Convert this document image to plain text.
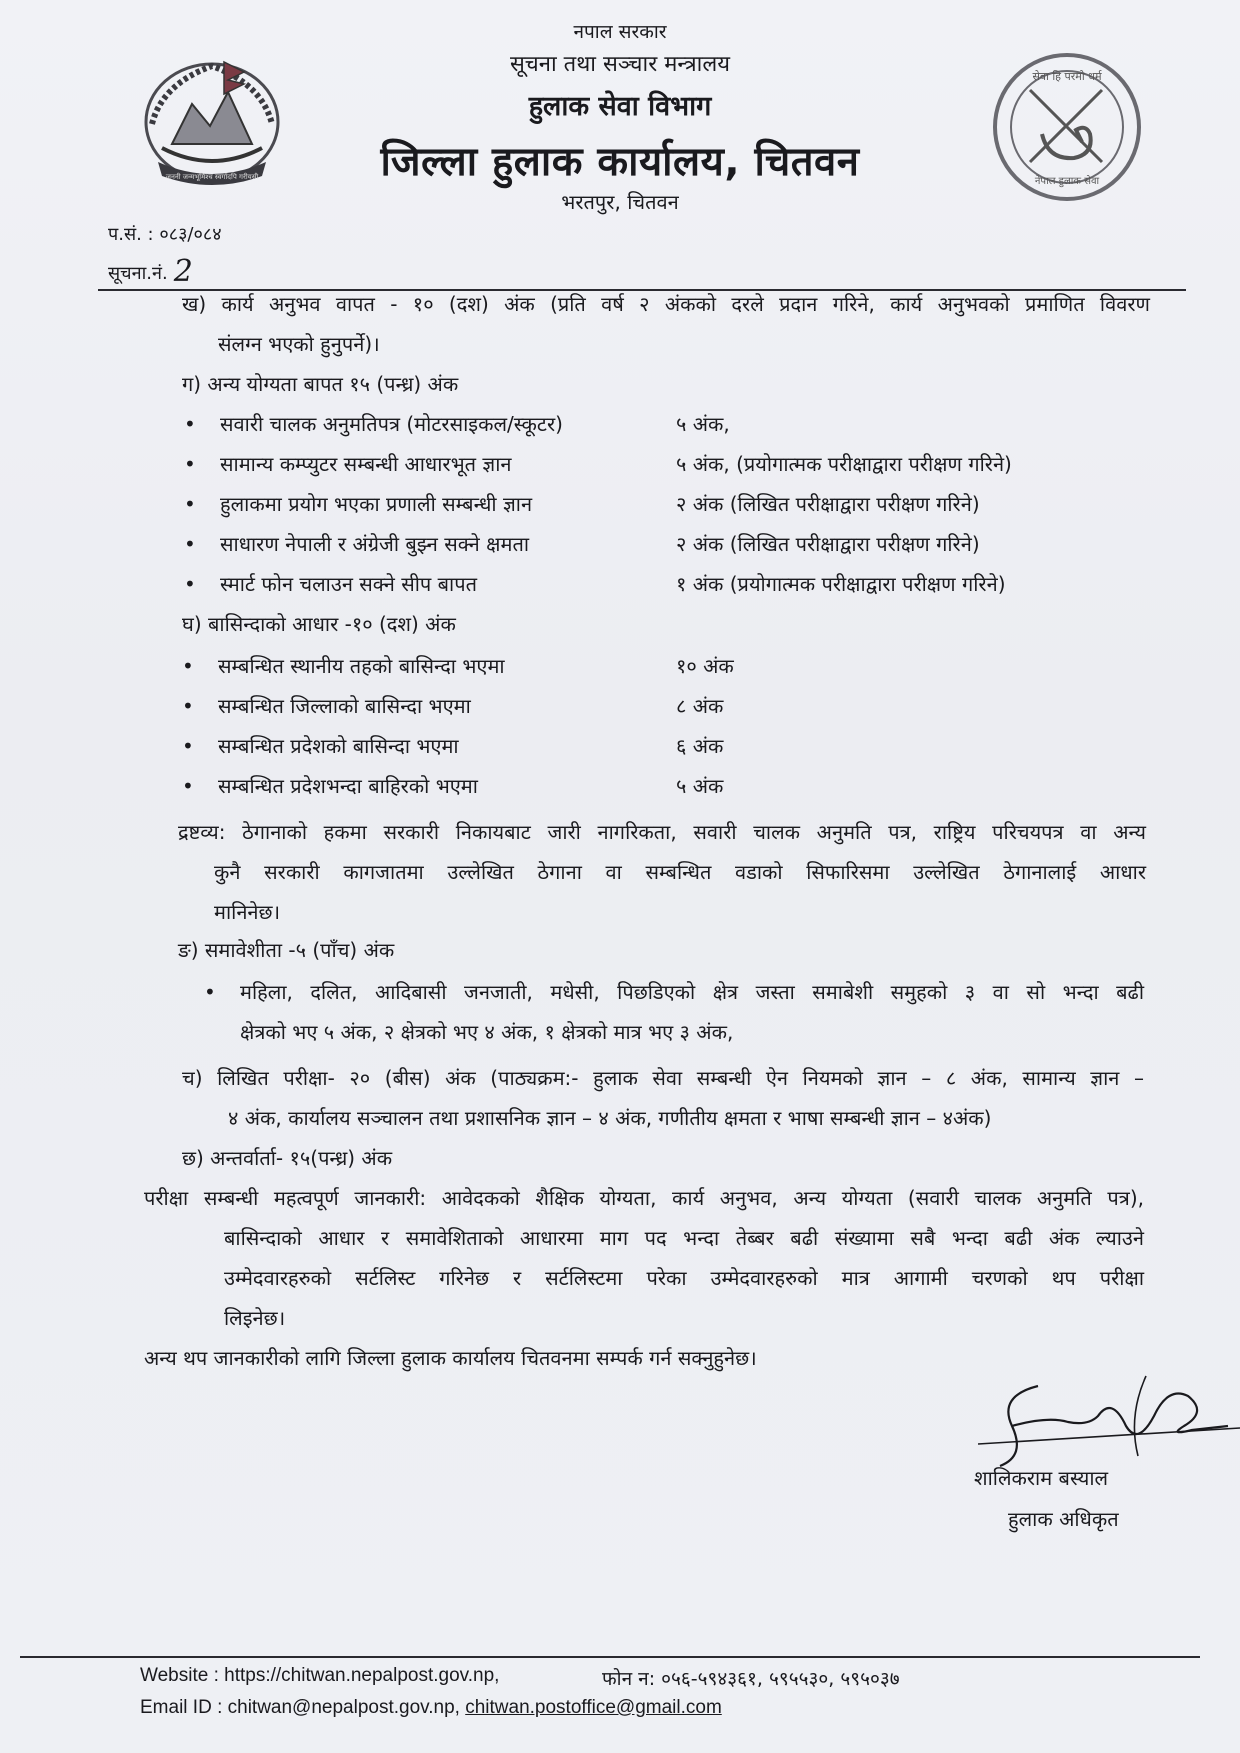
जननी जन्मभूमिश्च स्वर्गादपि गरीयसी
सेवा हि परमो धर्म
नेपाल हुलाक सेवा
नपाल सरकार
सूचना तथा सञ्चार मन्त्रालय
हुलाक सेवा विभाग
जिल्ला हुलाक कार्यालय, चितवन
भरतपुर, चितवन
प.सं. : ०८३/०८४
सूचना.नं. 2
ख) कार्य अनुभव वापत - १० (दश) अंक (प्रति वर्ष २ अंकको दरले प्रदान गरिने, कार्य अनुभवको प्रमाणित विवरण
संलग्न भएको हुनुपर्ने)।
ग) अन्य योग्यता बापत १५ (पन्ध्र) अंक
• सवारी चालक अनुमतिपत्र (मोटरसाइकल/स्कूटर)	५ अंक,
• सामान्य कम्प्युटर सम्बन्धी आधारभूत ज्ञान	५ अंक, (प्रयोगात्मक परीक्षाद्वारा परीक्षण गरिने)
• हुलाकमा प्रयोग भएका प्रणाली सम्बन्धी ज्ञान	२ अंक (लिखित परीक्षाद्वारा परीक्षण गरिने)
• साधारण नेपाली र अंग्रेजी बुझ्न सक्ने क्षमता	२ अंक (लिखित परीक्षाद्वारा परीक्षण गरिने)
• स्मार्ट फोन चलाउन सक्ने सीप बापत	१ अंक (प्रयोगात्मक परीक्षाद्वारा परीक्षण गरिने)
घ) बासिन्दाको आधार -१० (दश) अंक
• सम्बन्धित स्थानीय तहको बासिन्दा भएमा	१० अंक
• सम्बन्धित जिल्लाको बासिन्दा भएमा	८ अंक
• सम्बन्धित प्रदेशको बासिन्दा भएमा	६ अंक
• सम्बन्धित प्रदेशभन्दा बाहिरको भएमा	५ अंक
द्रष्टव्य: ठेगानाको हकमा सरकारी निकायबाट जारी नागरिकता, सवारी चालक अनुमति पत्र, राष्ट्रिय परिचयपत्र वा अन्य
कुनै सरकारी कागजातमा उल्लेखित ठेगाना वा सम्बन्धित वडाको सिफारिसमा उल्लेखित ठेगानालाई आधार
मानिनेछ।
ङ) समावेशीता -५ (पाँच) अंक
• महिला, दलित, आदिबासी जनजाती, मधेसी, पिछडिएको क्षेत्र जस्ता समाबेशी समुहको ३ वा सो भन्दा बढी
क्षेत्रको भए ५ अंक, २ क्षेत्रको भए ४ अंक, १ क्षेत्रको मात्र भए ३ अंक,
च) लिखित परीक्षा- २० (बीस) अंक (पाठ्यक्रम:- हुलाक सेवा सम्बन्धी ऐन नियमको ज्ञान – ८ अंक, सामान्य ज्ञान –
४ अंक, कार्यालय सञ्चालन तथा प्रशासनिक ज्ञान – ४ अंक, गणीतीय क्षमता र भाषा सम्बन्धी ज्ञान – ४अंक)
छ) अन्तर्वार्ता- १५(पन्ध्र) अंक
परीक्षा सम्बन्धी महत्वपूर्ण जानकारी: आवेदकको शैक्षिक योग्यता, कार्य अनुभव, अन्य योग्यता (सवारी चालक अनुमति पत्र),
बासिन्दाको आधार र समावेशिताको आधारमा माग पद भन्दा तेब्बर बढी संख्यामा सबै भन्दा बढी अंक ल्याउने
उम्मेदवारहरुको सर्टलिस्ट गरिनेछ र सर्टलिस्टमा परेका उम्मेदवारहरुको मात्र आगामी चरणको थप परीक्षा
लिइनेछ।
अन्य थप जानकारीको लागि जिल्ला हुलाक कार्यालय चितवनमा सम्पर्क गर्न सक्नुहुनेछ।
शालिकराम बस्याल
हुलाक अधिकृत
Website : https://chitwan.nepalpost.gov.np,	फोन न: ०५६-५९४३६१, ५९५५३०, ५९५०३७
Email ID : chitwan@nepalpost.gov.np, chitwan.postoffice@gmail.com
